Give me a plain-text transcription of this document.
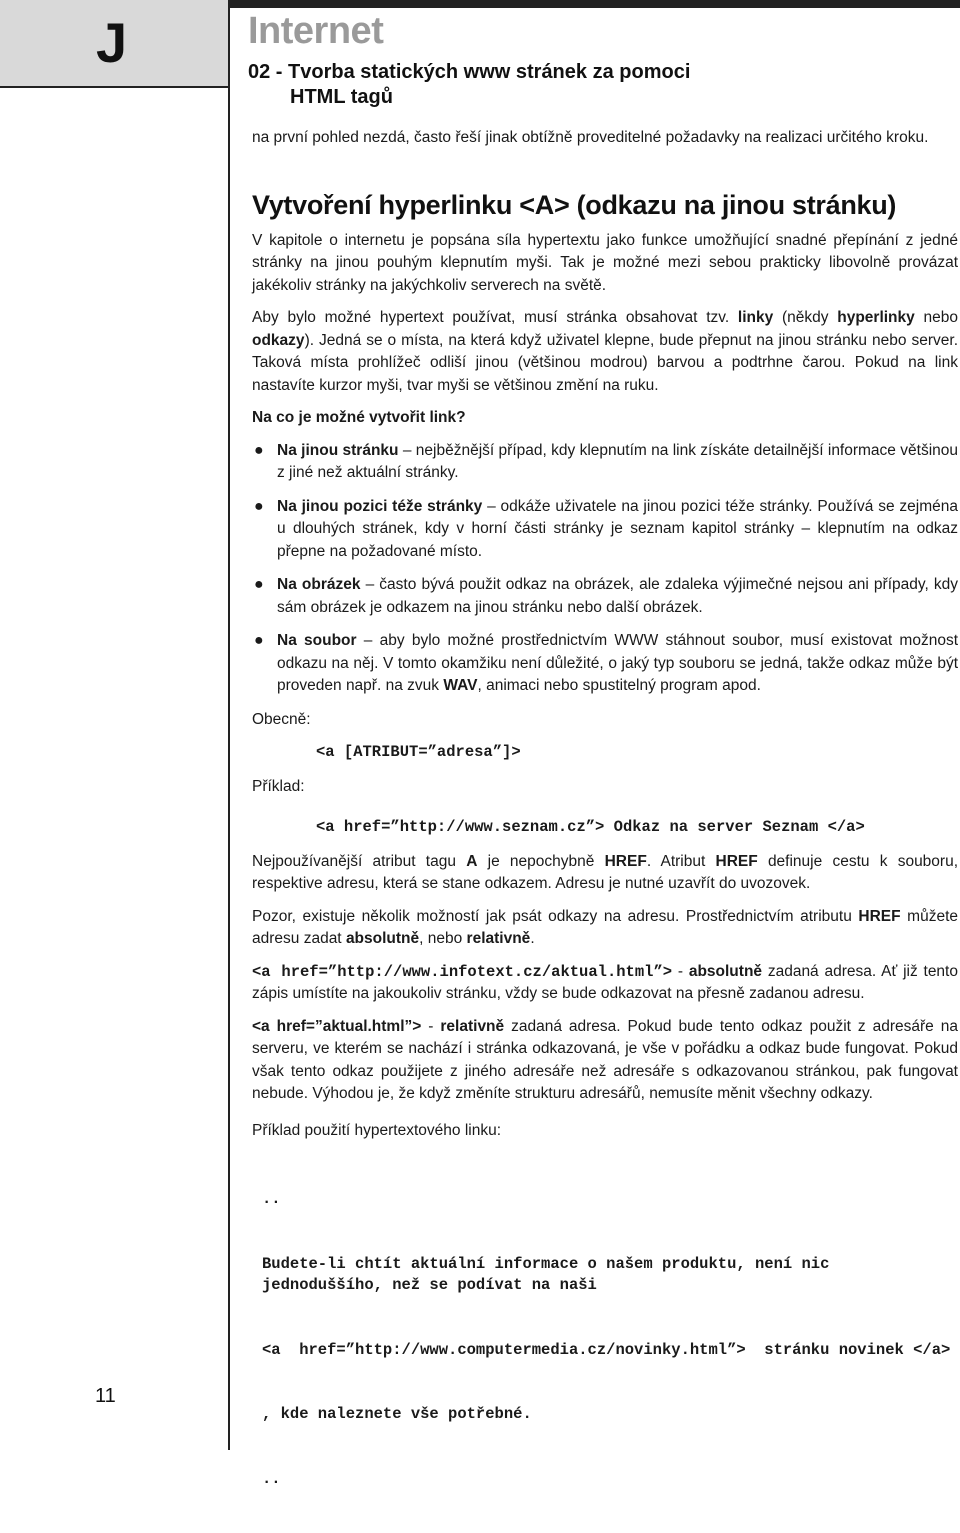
J
11
Internet
02 - Tvorba statických www stránek za pomoci
HTML tagů

na první pohled nezdá, často řeší jinak obtížně proveditelné požadavky na realizaci určitého kroku.

Vytvoření hyperlinku <A> (odkazu na jinou stránku)

V kapitole o internetu je popsána síla hypertextu jako funkce umožňující snadné přepínání z jedné stránky na jinou pouhým klepnutím myši. Tak je možné mezi sebou prakticky libovolně provázat jakékoliv stránky na jakýchkoliv serverech na světě.

Aby bylo možné hypertext používat, musí stránka obsahovat tzv. linky (někdy hyperlinky nebo odkazy). Jedná se o místa, na která když uživatel klepne, bude přepnut na jinou stránku nebo server. Taková místa prohlížeč odliší jinou (většinou modrou) barvou a podtrhne čarou. Pokud na link nastavíte kurzor myši, tvar myši se většinou změní na ruku.

Na co je možné vytvořit link?
● Na jinou stránku – nejběžnější případ, kdy klepnutím na link získáte detailnější informace většinou z jiné než aktuální stránky.
● Na jinou pozici téže stránky – odkáže uživatele na jinou pozici téže stránky. Používá se zejména u dlouhých stránek, kdy v horní části stránky je seznam kapitol stránky – klepnutím na odkaz přepne na požadované místo.
● Na obrázek – často bývá použit odkaz na obrázek, ale zdaleka výjimečné nejsou ani případy, kdy sám obrázek je odkazem na jinou stránku nebo další obrázek.
● Na soubor – aby bylo možné prostřednictvím WWW stáhnout soubor, musí existovat možnost odkazu na něj. V tomto okamžiku není důležité, o jaký typ souboru se jedná, takže odkaz může být proveden např. na zvuk WAV, animaci nebo spustitelný program apod.
Obecně:
<a [ATRIBUT=”adresa”]>
Příklad:
<a href=”http://www.seznam.cz”> Odkaz na server Seznam </a>

Nejpoužívanější atribut tagu A je nepochybně HREF. Atribut HREF definuje cestu k souboru, respektive adresu, která se stane odkazem. Adresu je nutné uzavřít do uvozovek.

Pozor, existuje několik možností jak psát odkazy na adresu. Prostřednictvím atributu HREF můžete adresu zadat absolutně, nebo relativně.

<a href=”http://www.infotext.cz/aktual.html”> - absolutně zadaná adresa. Ať již tento zápis umístíte na jakoukoliv stránku, vždy se bude odkazovat na přesně zadanou adresu.

<a href=”aktual.html”> - relativně zadaná adresa. Pokud bude tento odkaz použit z adresáře na serveru, ve kterém se nachází i stránka odkazovaná, je vše v pořádku a odkaz bude fungovat. Pokud však tento odkaz použijete z jiného adresáře než adresáře s odkazovanou stránkou, pak fungovat nebude. Výhodou je, že když změníte strukturu adresářů, nemusíte měnit všechny odkazy.

Příklad použití hypertextového linku:

..

Budete-li chtít aktuální informace o našem produktu, není nic jednoduššího, než se podívat na naši

<a  href=”http://www.computermedia.cz/novinky.html”>  stránku novinek </a>

, kde naleznete vše potřebné.

..
